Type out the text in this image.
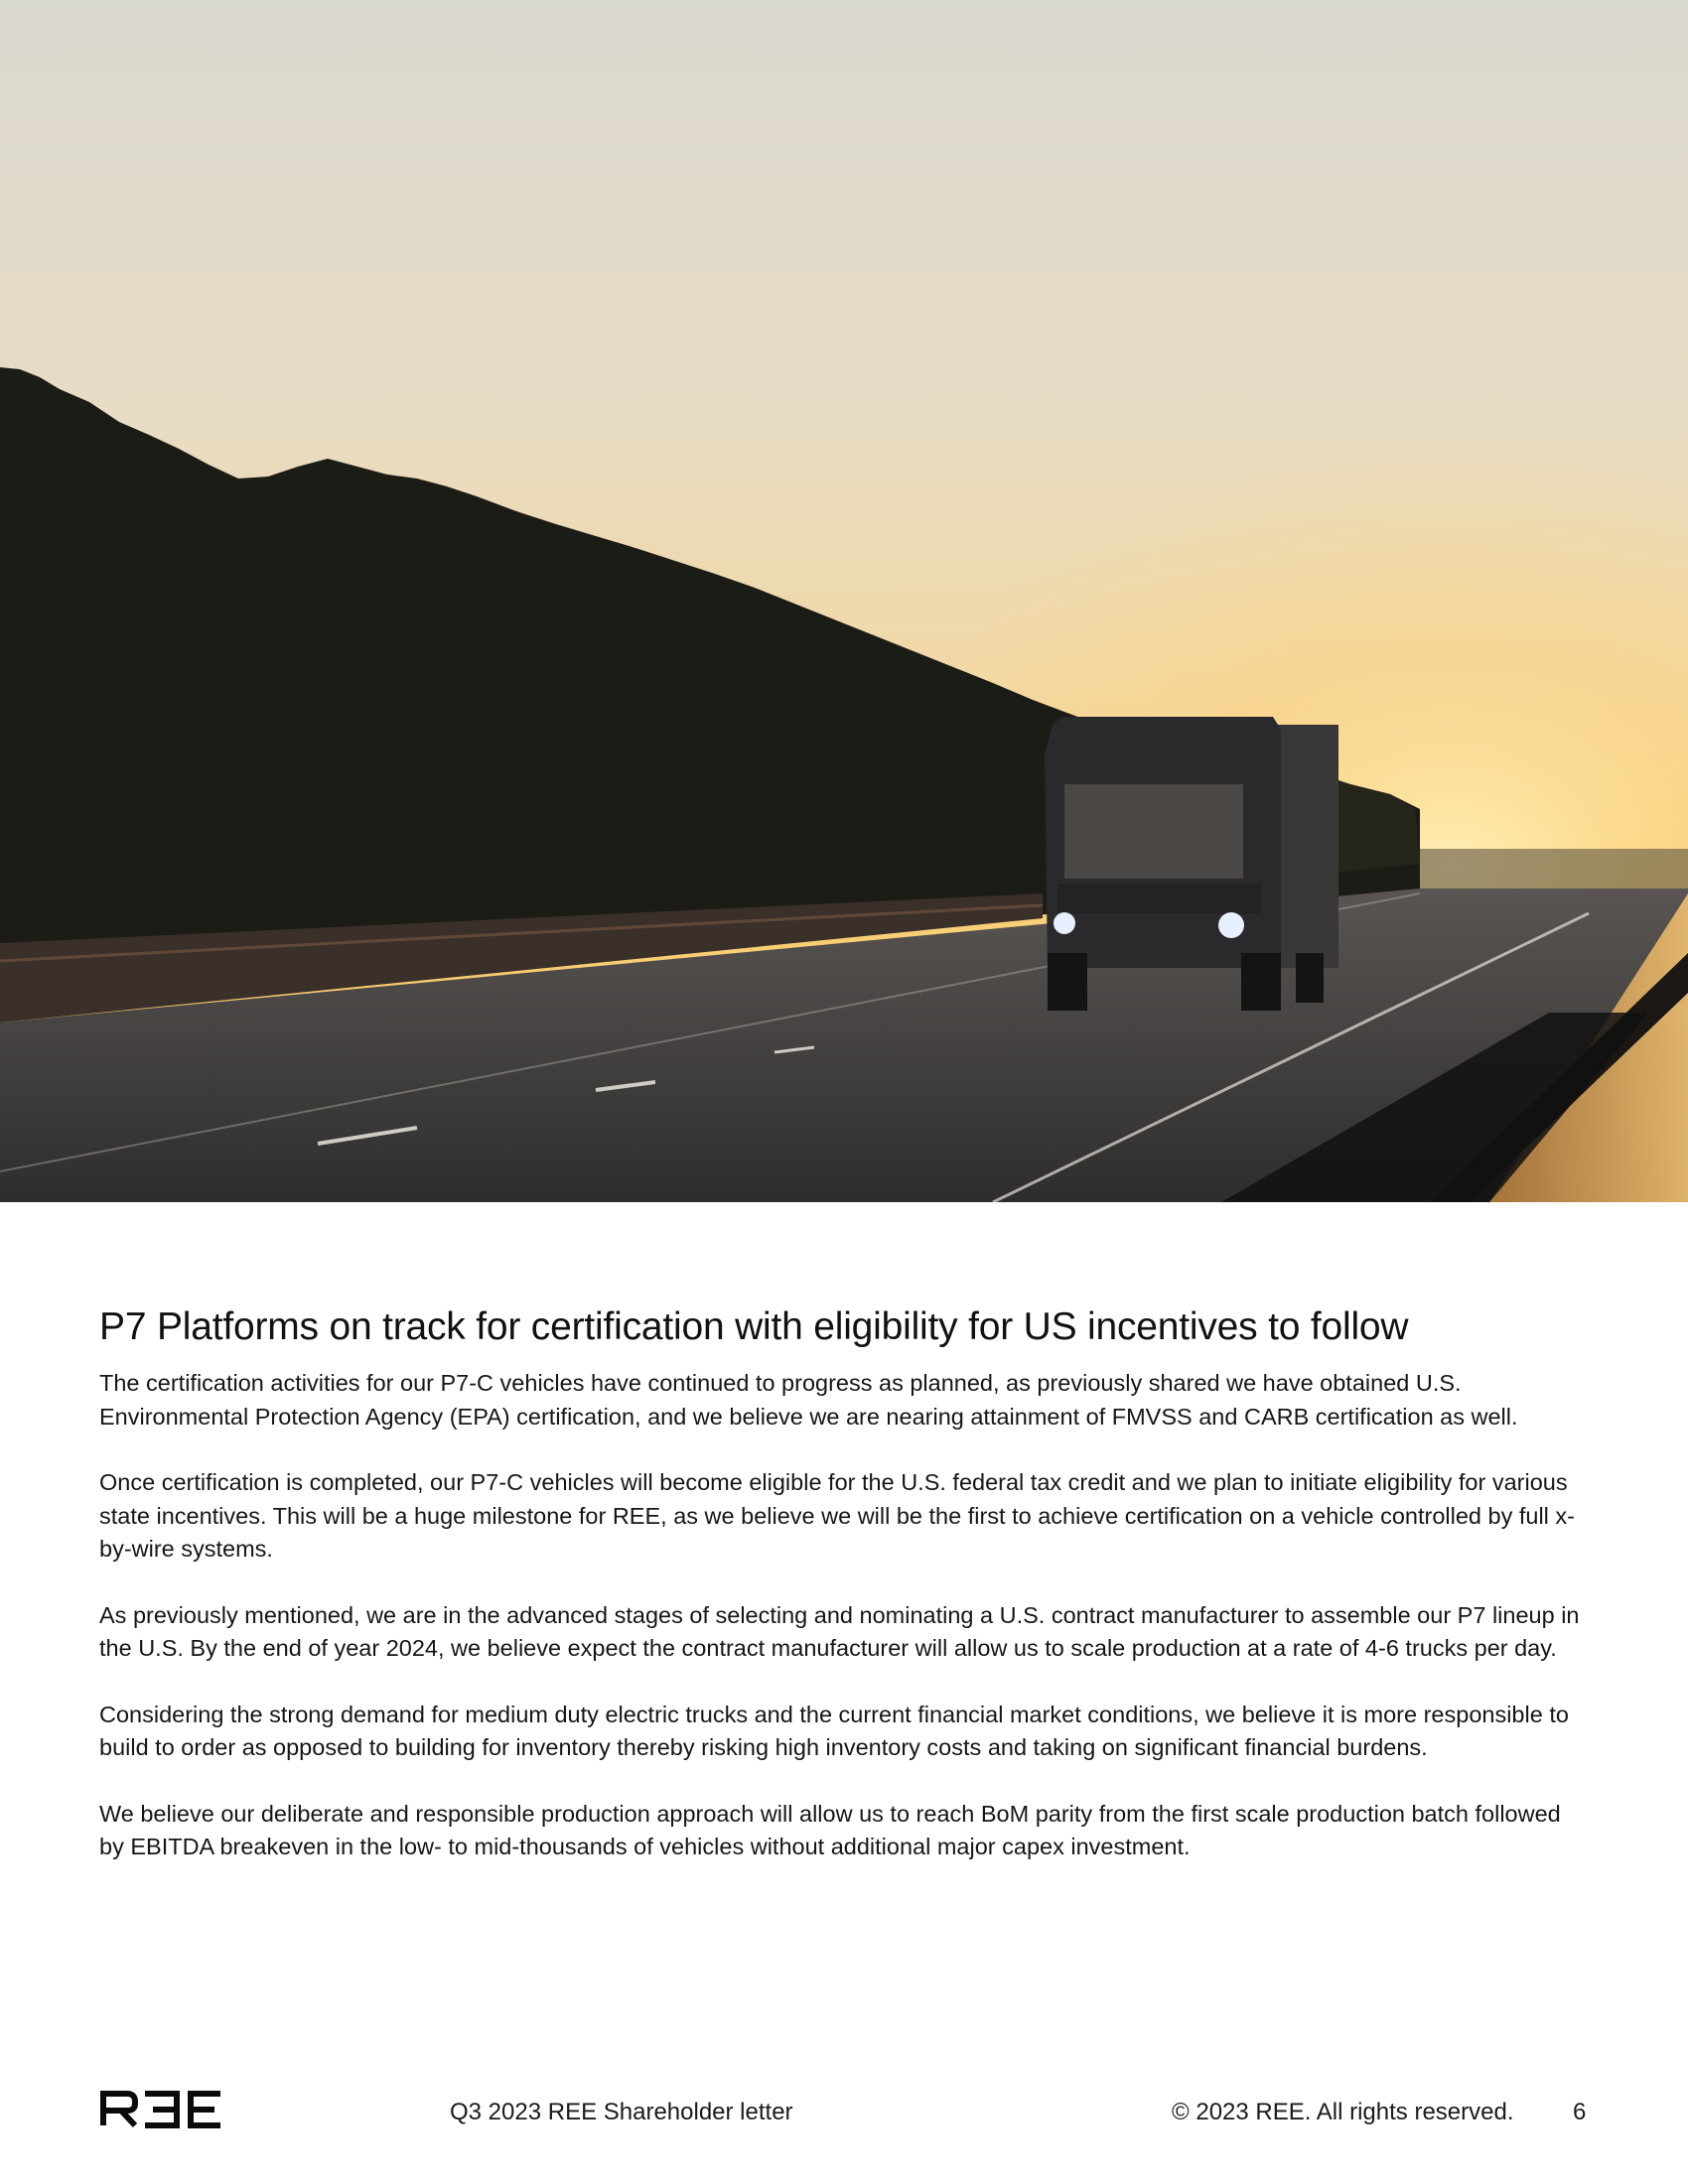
P7 Platforms on track for certification with eligibility for US incentives to follow

The certification activities for our P7-C vehicles have continued to progress as planned, as previously shared we have obtained U.S. Environmental Protection Agency (EPA) certification, and we believe we are nearing attainment of FMVSS and CARB certification as well.

Once certification is completed, our P7-C vehicles will become eligible for the U.S. federal tax credit and we plan to initiate eligibility for various state incentives. This will be a huge milestone for REE, as we believe we will be the first to achieve certification on a vehicle controlled by full x-by-wire systems.

As previously mentioned, we are in the advanced stages of selecting and nominating a U.S. contract manufacturer to assemble our P7 lineup in the U.S. By the end of year 2024, we believe expect the contract manufacturer will allow us to scale production at a rate of 4-6 trucks per day.

Considering the strong demand for medium duty electric trucks and the current financial market conditions, we believe it is more responsible to build to order as opposed to building for inventory thereby risking high inventory costs and taking on significant financial burdens.

We believe our deliberate and responsible production approach will allow us to reach BoM parity from the first scale production batch followed by EBITDA breakeven in the low- to mid-thousands of vehicles without additional major capex investment.

Q3 2023 REE Shareholder letter	© 2023 REE. All rights reserved. 6
